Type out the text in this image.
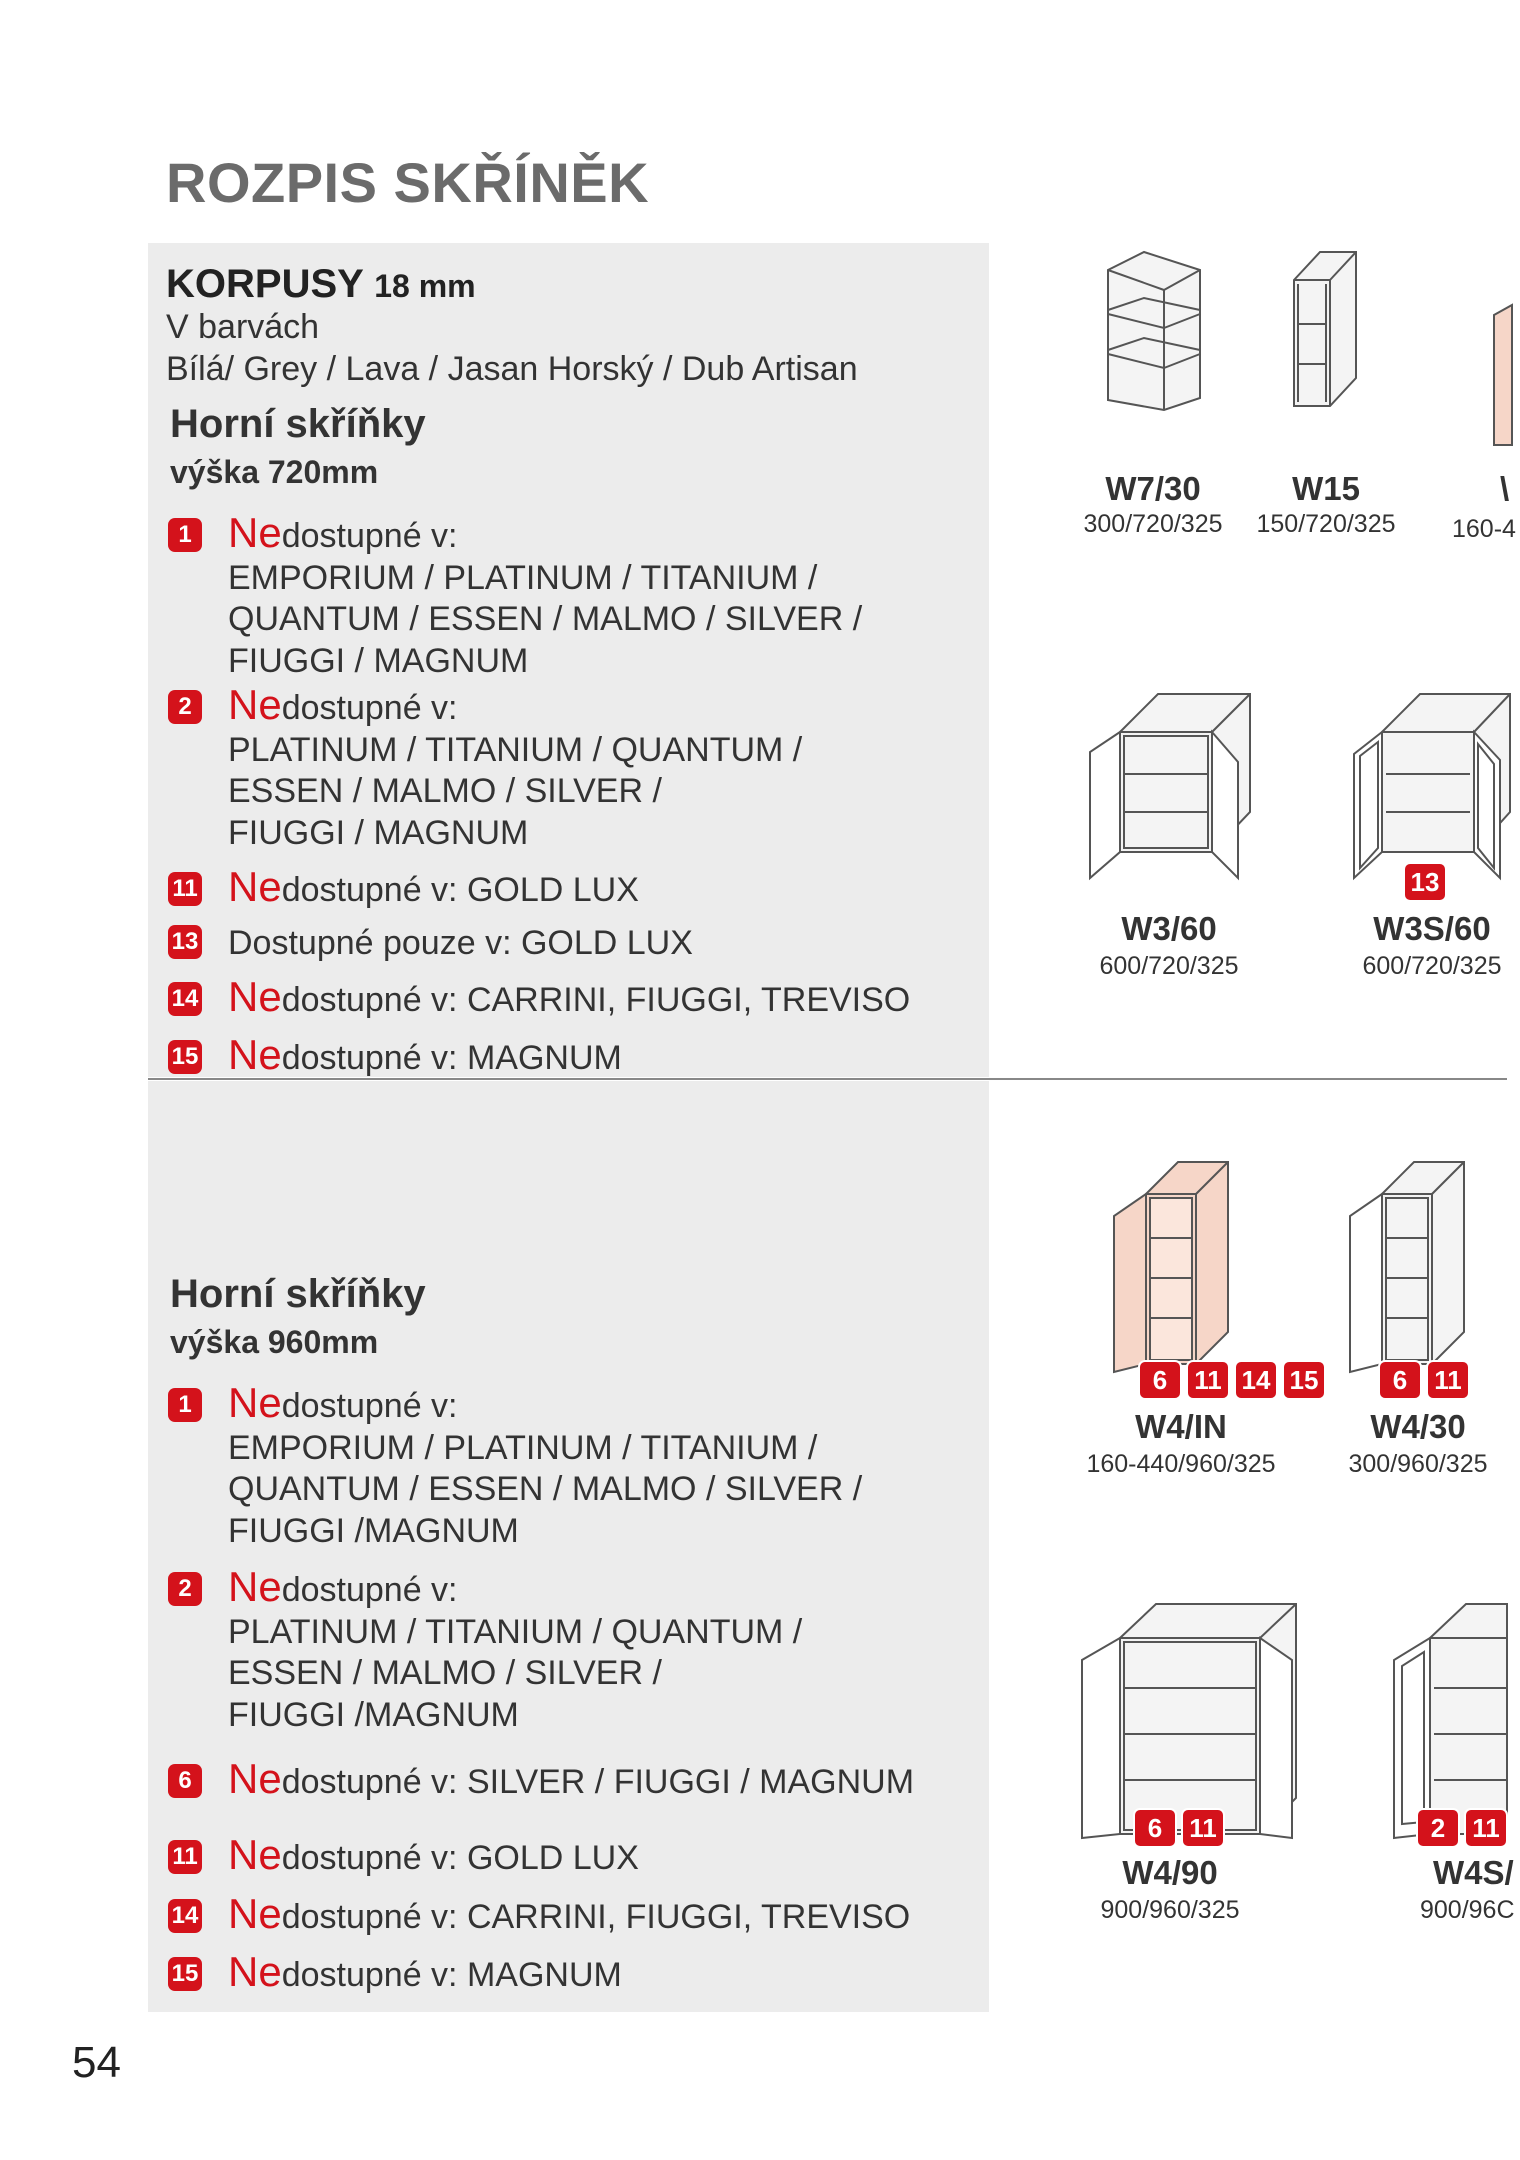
ROZPIS SKŘÍNĚK
KORPUSY 18 mm
V barvách
Bílá/ Grey / Lava / Jasan Horský / Dub Artisan
Horní skříňky
výška 720mm
1 Nedostupné v:
EMPORIUM / PLATINUM / TITANIUM /
QUANTUM / ESSEN / MALMO / SILVER /
FIUGGI / MAGNUM
2 Nedostupné v:
PLATINUM / TITANIUM / QUANTUM /
ESSEN / MALMO / SILVER /
FIUGGI / MAGNUM
11 Nedostupné v: GOLD LUX
13 Dostupné pouze v: GOLD LUX
14 Nedostupné v: CARRINI, FIUGGI, TREVISO
15 Nedostupné v: MAGNUM
Horní skříňky
výška 960mm
1 Nedostupné v:
EMPORIUM / PLATINUM / TITANIUM /
QUANTUM / ESSEN / MALMO / SILVER /
FIUGGI /MAGNUM
2 Nedostupné v:
PLATINUM / TITANIUM / QUANTUM /
ESSEN / MALMO / SILVER /
FIUGGI /MAGNUM
6 Nedostupné v: SILVER / FIUGGI / MAGNUM
11 Nedostupné v: GOLD LUX
14 Nedostupné v: CARRINI, FIUGGI, TREVISO
15 Nedostupné v: MAGNUM
13
6	11 14 15	6	11
6	11	2	11
W7/30
300/720/325
W15
150/720/325
\
160-4
W3/60
600/720/325
W3S/60
600/720/325
W4/IN
160-440/960/325
W4/30
300/960/325
W4/90
900/960/325
W4S/
900/96C
54
